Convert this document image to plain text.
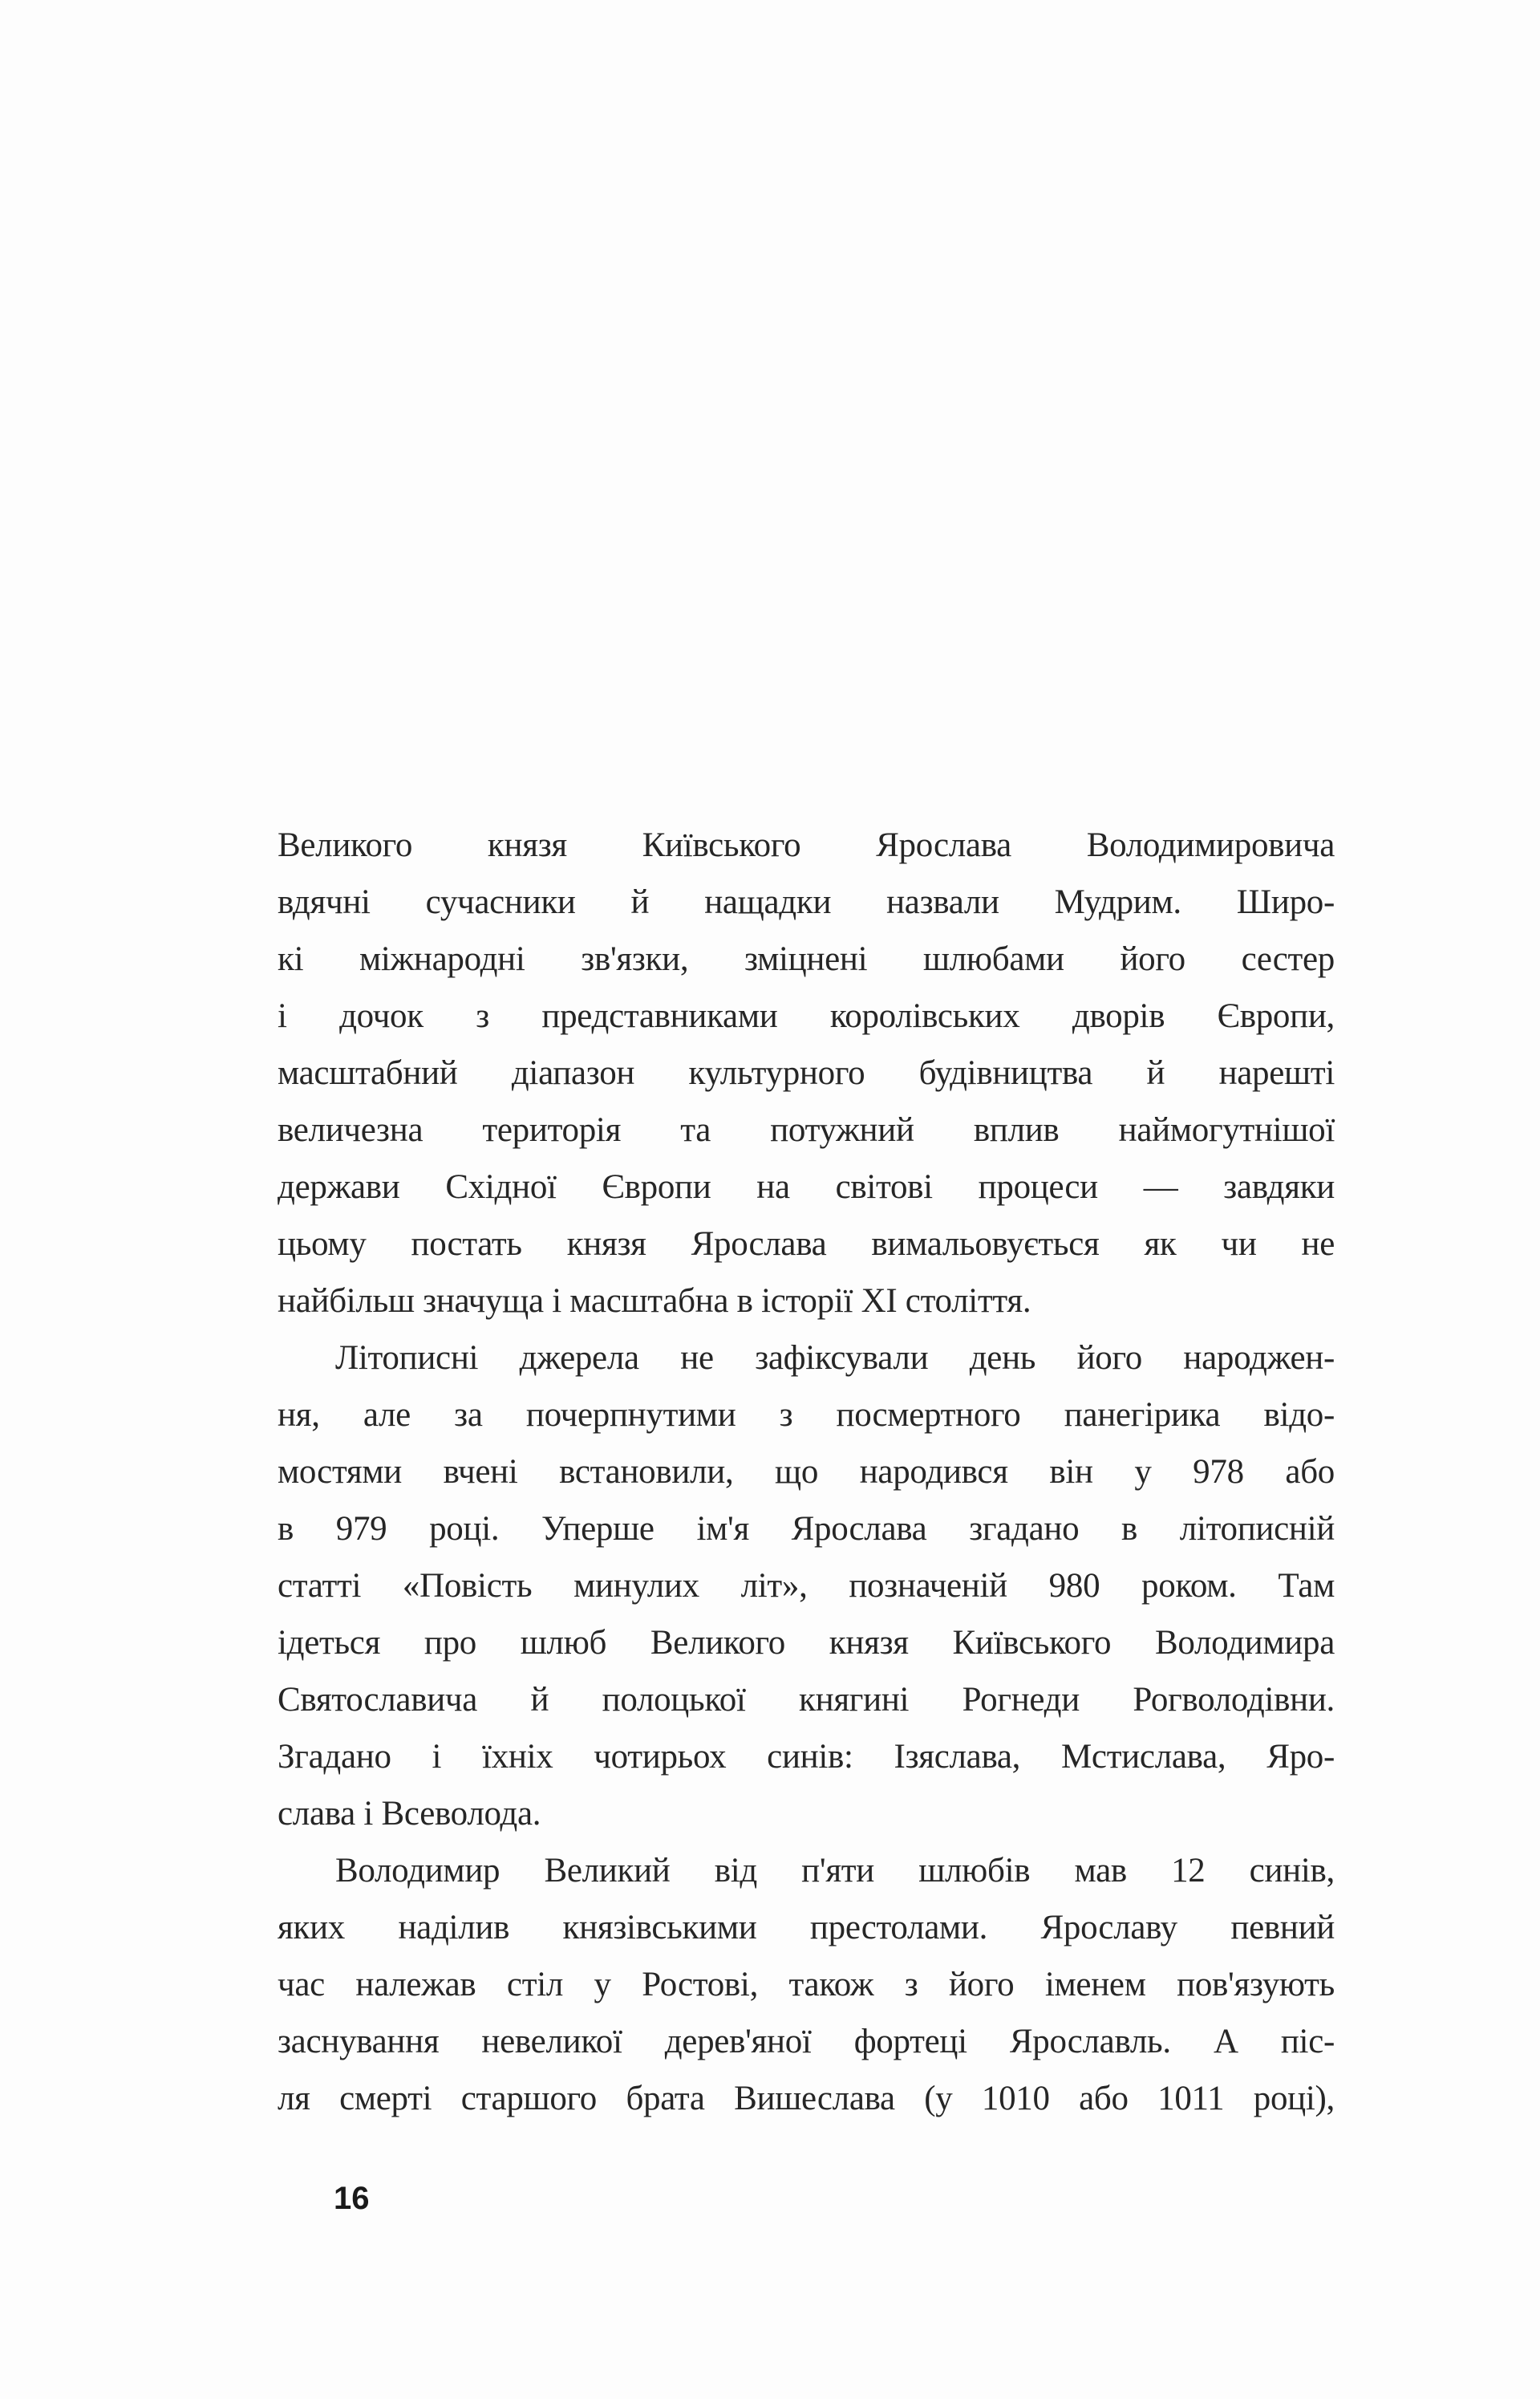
Великого князя Київського Ярослава Володимировича
вдячні сучасники й нащадки назвали Мудрим. Широ-
кі міжнародні зв'язки, зміцнені шлюбами його сестер
і дочок з представниками королівських дворів Європи,
масштабний діапазон культурного будівництва й нарешті
величезна територія та потужний вплив наймогутнішої
держави Східної Європи на світові процеси — завдяки
цьому постать князя Ярослава вимальовується як чи не
найбільш значуща і масштабна в історії XI століття.
Літописні джерела не зафіксували день його народжен-
ня, але за почерпнутими з посмертного панегірика відо-
мостями вчені встановили, що народився він у 978 або
в 979 році. Уперше ім'я Ярослава згадано в літописній
статті «Повість минулих літ», позначеній 980 роком. Там
ідеться про шлюб Великого князя Київського Володимира
Святославича й полоцької княгині Рогнеди Рогволодівни.
Згадано і їхніх чотирьох синів: Ізяслава, Мстислава, Яро-
слава і Всеволода.
Володимир Великий від п'яти шлюбів мав 12 синів,
яких наділив князівськими престолами. Ярославу певний
час належав стіл у Ростові, також з його іменем пов'язують
заснування невеликої дерев'яної фортеці Ярославль. А піс-
ля смерті старшого брата Вишеслава (у 1010 або 1011 році),
16
